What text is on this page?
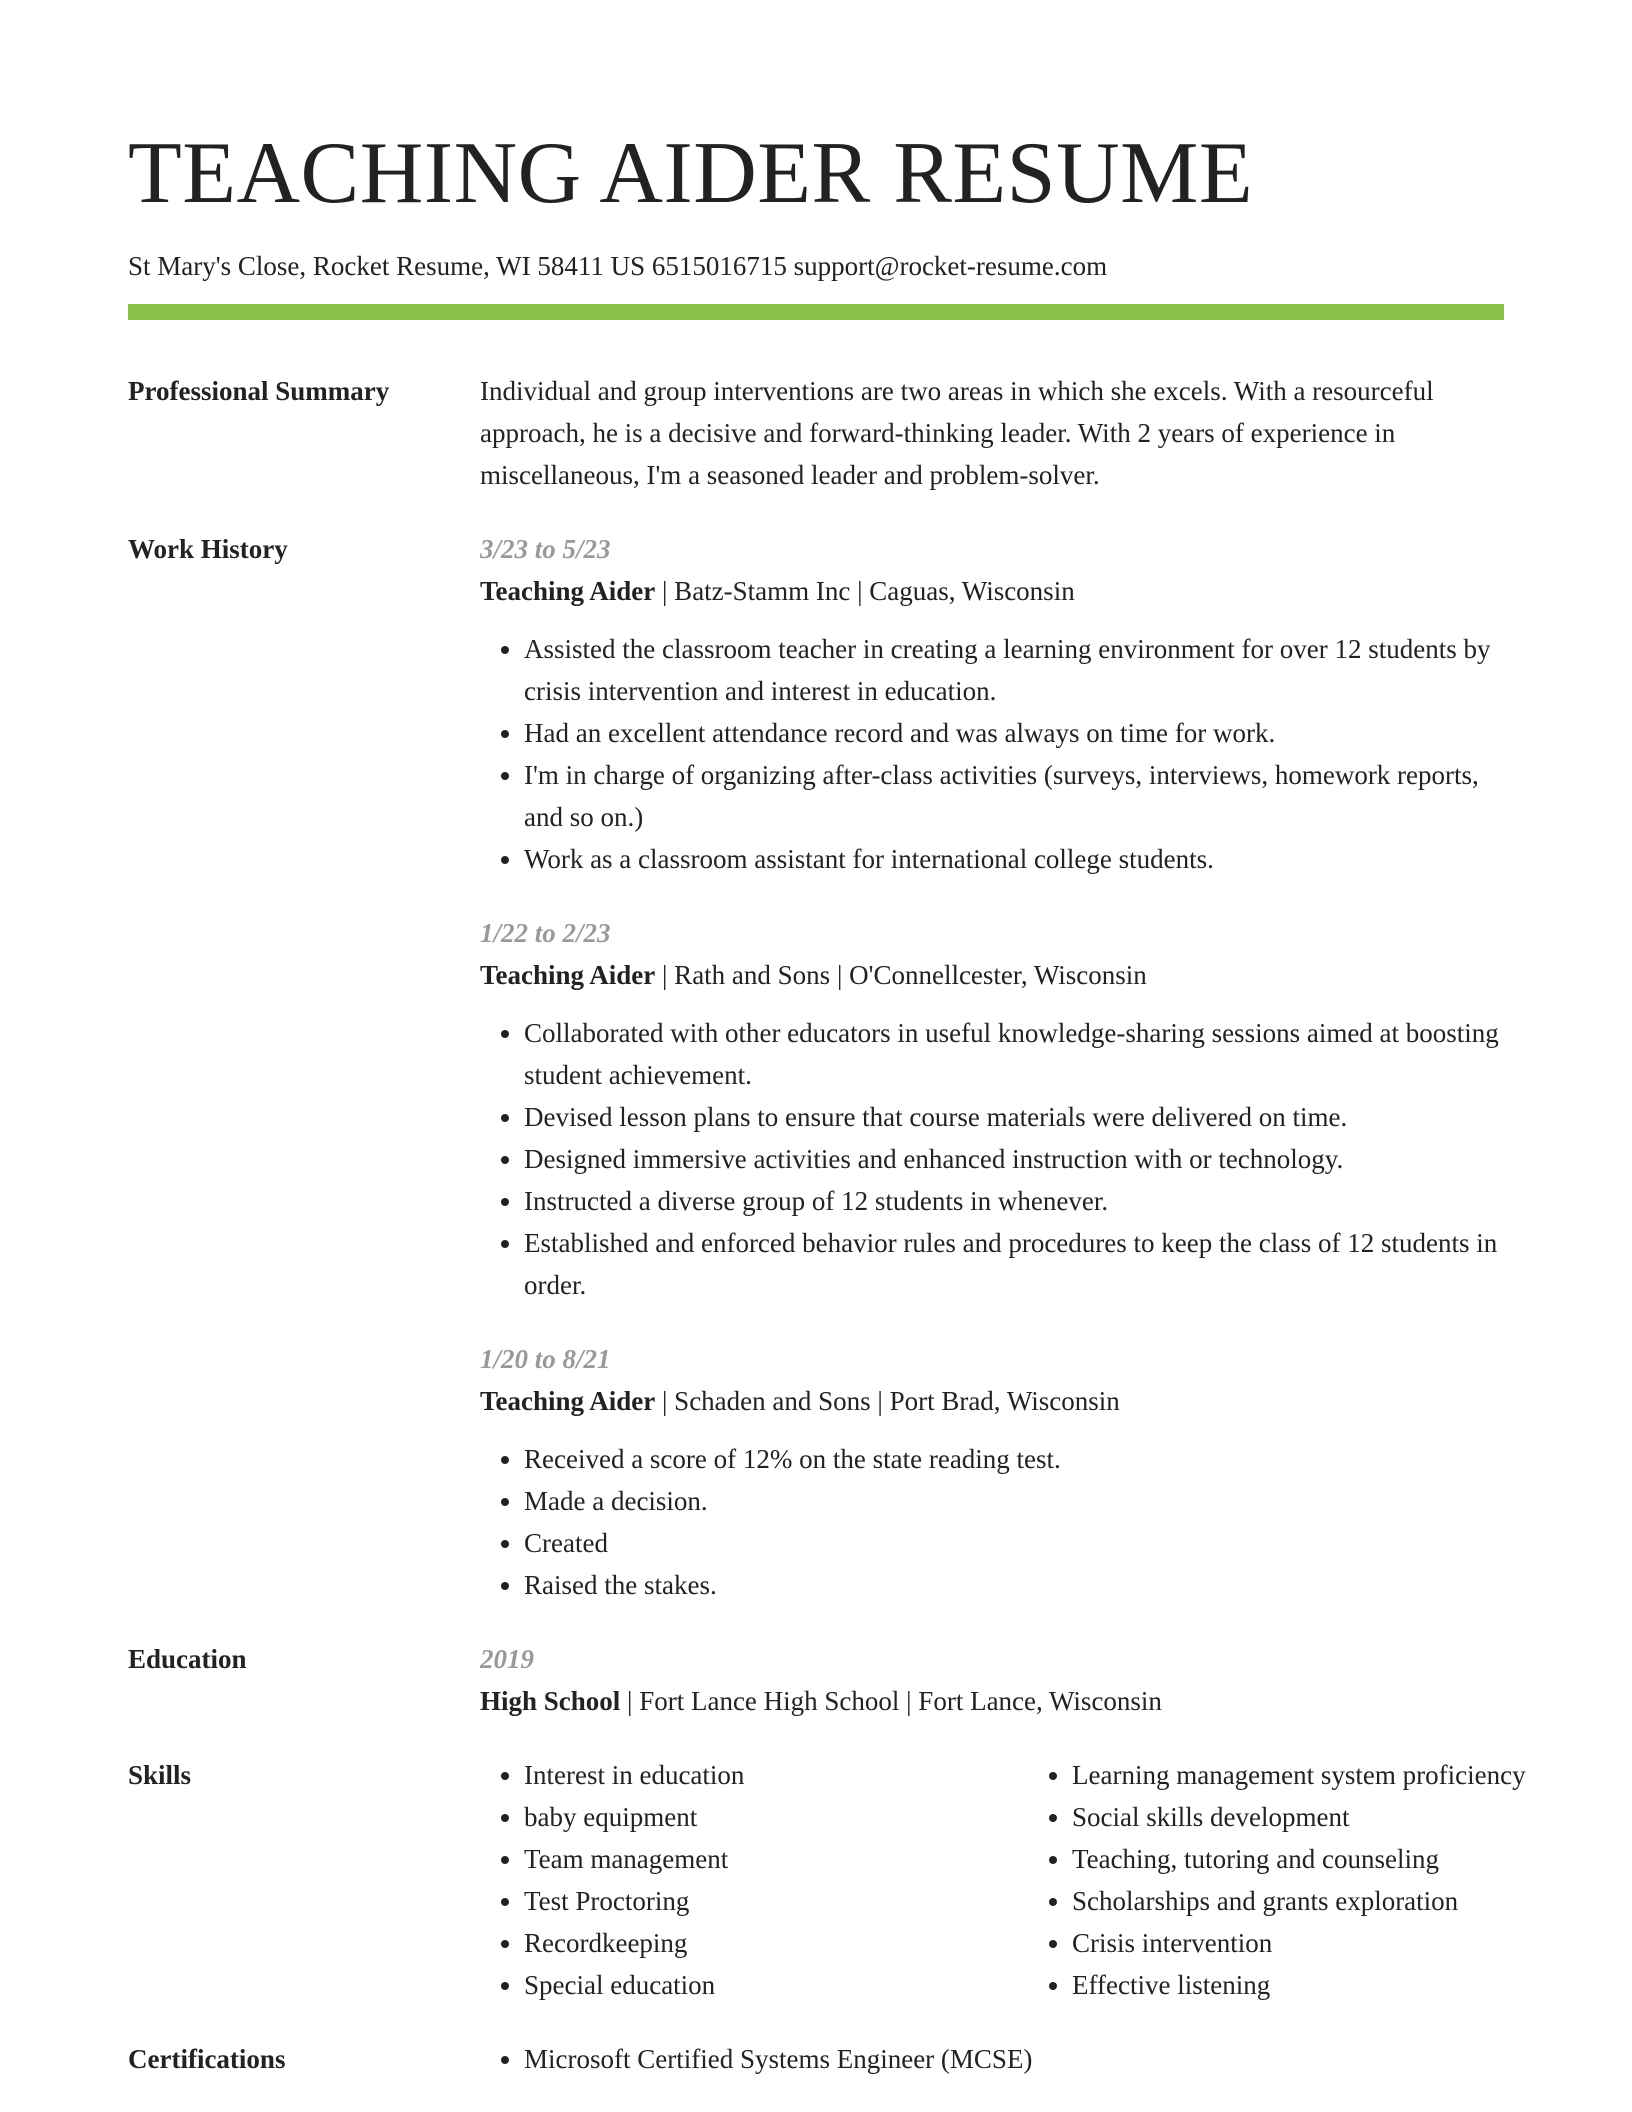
TEACHING AIDER RESUME
St Mary's Close, Rocket Resume, WI 58411 US 6515016715 support@rocket-resume.com
Professional Summary	Individual and group interventions are two areas in which she excels. With a resourceful approach, he is a decisive and forward-thinking leader. With 2 years of experience in miscellaneous, I'm a seasoned leader and problem-solver.
Work History	3/23 to 5/23
Teaching Aider | Batz-Stamm Inc | Caguas, Wisconsin
• Assisted the classroom teacher in creating a learning environment for over 12 students by crisis intervention and interest in education.
• Had an excellent attendance record and was always on time for work.
• I'm in charge of organizing after-class activities (surveys, interviews, homework reports, and so on.)
• Work as a classroom assistant for international college students.
1/22 to 2/23
Teaching Aider | Rath and Sons | O'Connellcester, Wisconsin
• Collaborated with other educators in useful knowledge-sharing sessions aimed at boosting student achievement.
• Devised lesson plans to ensure that course materials were delivered on time.
• Designed immersive activities and enhanced instruction with or technology.
• Instructed a diverse group of 12 students in whenever.
• Established and enforced behavior rules and procedures to keep the class of 12 students in order.
1/20 to 8/21
Teaching Aider | Schaden and Sons | Port Brad, Wisconsin
• Received a score of 12% on the state reading test.
• Made a decision.
• Created
• Raised the stakes.
Education	2019
High School | Fort Lance High School | Fort Lance, Wisconsin
Skills	• Interest in education
• baby equipment
• Team management
• Test Proctoring
• Recordkeeping
• Special education
• Learning management system proficiency
• Social skills development
• Teaching, tutoring and counseling
• Scholarships and grants exploration
• Crisis intervention
• Effective listening
Certifications	• Microsoft Certified Systems Engineer (MCSE)
